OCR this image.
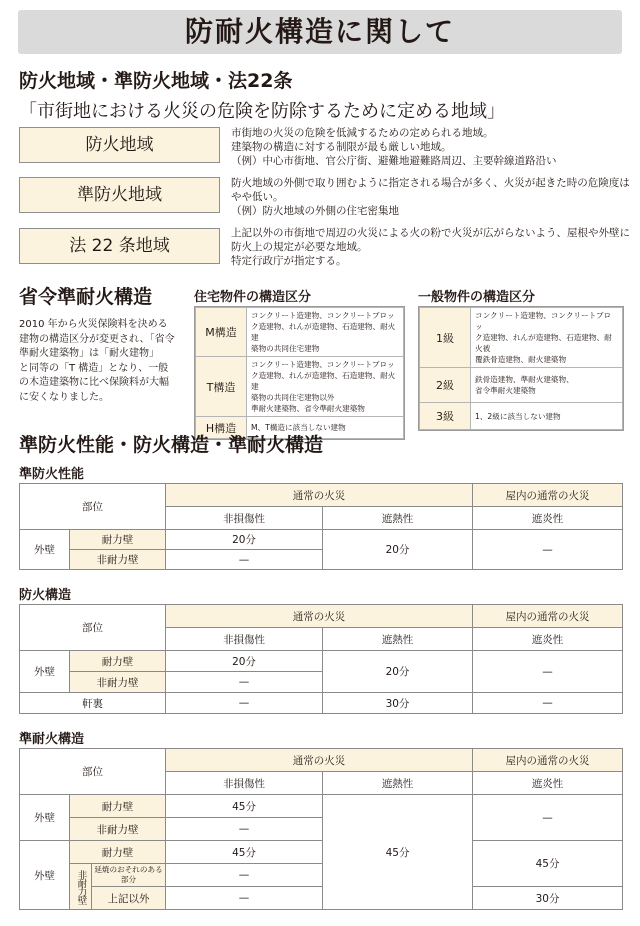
防耐火構造に関して
防火地域・準防火地域・法22条
「市街地における火災の危険を防除するために定める地域」
防火地域
市街地の火災の危険を低減するための定められる地域。
建築物の構造に対する制限が最も厳しい地域。
（例）中心市街地、官公庁街、避難地避難路周辺、主要幹線道路沿い
準防火地域
防火地域の外側で取り囲むように指定される場合が多く、火災が起きた時の危険度は
やや低い。
（例）防火地域の外側の住宅密集地
法 22 条地域
上記以外の市街地で周辺の火災による火の粉で火災が広がらないよう、屋根や外壁に
防火上の規定が必要な地域。
特定行政庁が指定する。
省令準耐火構造
2010 年から火災保険料を決める
建物の構造区分が変更され、「省令
準耐火建築物」は「耐火建物」
と同等の「T 構造」となり、一般
の木造建築物に比べ保険料が大幅
に安くなりました。
住宅物件の構造区分
M構造	コンクリート造建物、コンクリートブロッ
ク造建物、れんが造建物、石造建物、耐火建
築物の共同住宅建物

T構造	コンクリート造建物、コンクリートブロッ
ク造建物、れんが造建物、石造建物、耐火建
築物の共同住宅建物以外
準耐火建築物、省令準耐火建築物

H構造	M、T構造に該当しない建物
一般物件の構造区分
1級	コンクリート造建物、コンクリートブロッ
ク造建物、れんが造建物、石造建物、耐火被
覆鉄骨造建物、耐火建築物

2級	鉄骨造建物、準耐火建築物、
省令準耐火建築物

3級	1、2級に該当しない建物
準防火性能・防火構造・準耐火構造
準防火性能
部位		通常の火災		屋内の通常の火災
		非損傷性	遮熱性	遮炎性
外壁	耐力壁	20分	20分	—
	非耐力壁	—		
防火構造
部位		通常の火災		屋内の通常の火災
		非損傷性	遮熱性	遮炎性
外壁	耐力壁	20分	20分	—
	非耐力壁	—		
軒裏		—	30分	—
準耐火構造
部位			通常の火災		屋内の通常の火災
			非損傷性	遮熱性	遮炎性
外壁	耐力壁		45分	45分	—
	非耐力壁		—		
外壁	耐力壁		45分		45分
	非耐力壁	延焼のおそれのある部分	—		
		上記以外	—		30分
